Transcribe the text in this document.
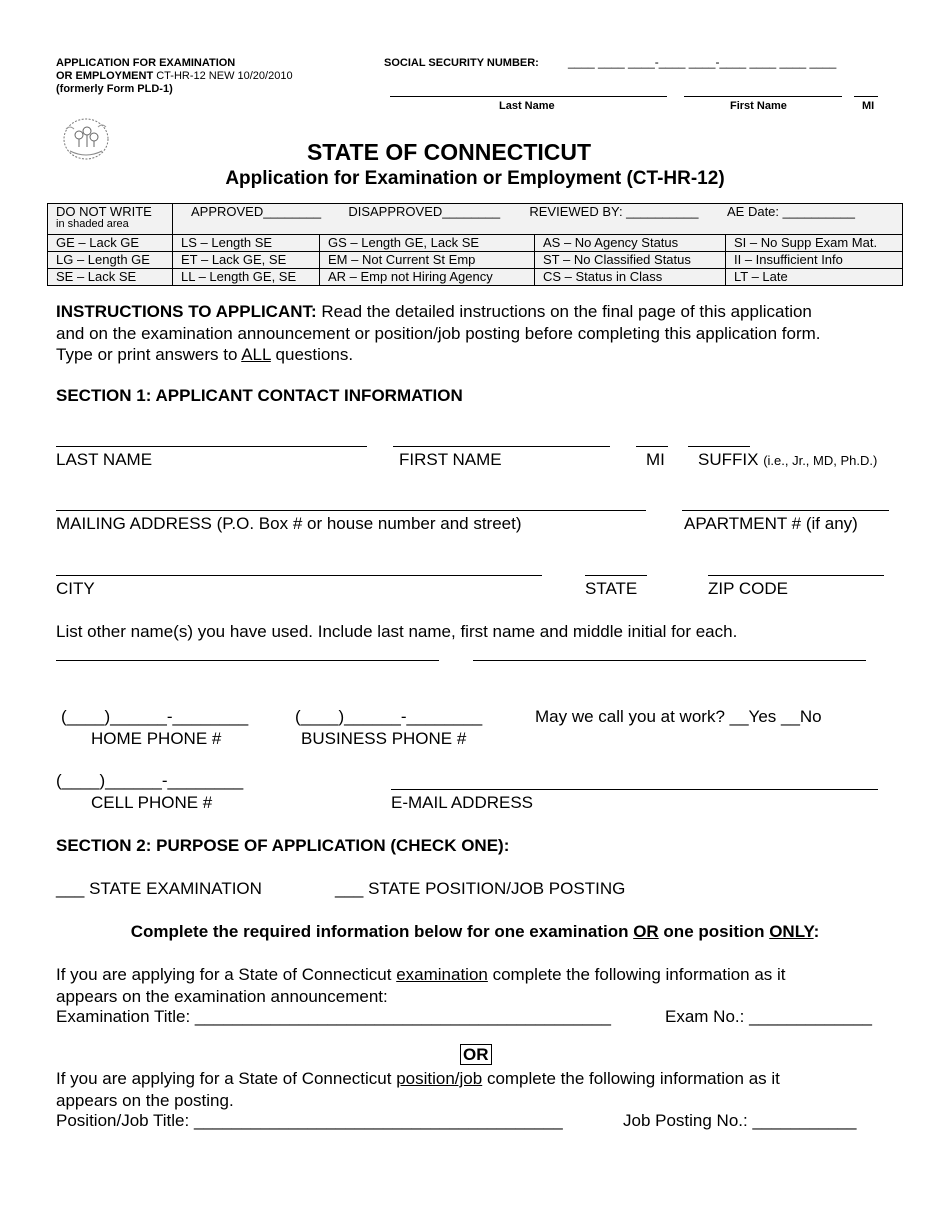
APPLICATION FOR EXAMINATION
OR EMPLOYMENT CT-HR-12 NEW 10/20/2010
(formerly Form PLD-1)
SOCIAL SECURITY NUMBER: ____ ____ ____-____ ____-____ ____ ____ ____
Last Name	First Name	MI
STATE OF CONNECTICUT
Application for Examination or Employment (CT-HR-12)
DO NOT WRITE
in shaded area	APPROVED________ DISAPPROVED________ REVIEWED BY: __________ AE Date: __________			
GE – Lack GE	LS – Length SE	GS – Length GE, Lack SE	AS – No Agency Status	SI – No Supp Exam Mat.
LG – Length GE	ET – Lack GE, SE	EM – Not Current St Emp	ST – No Classified Status	II – Insufficient Info
SE – Lack SE	LL – Length GE, SE	AR – Emp not Hiring Agency	CS – Status in Class	LT – Late
INSTRUCTIONS TO APPLICANT: Read the detailed instructions on the final page of this application
and on the examination announcement or position/job posting before completing this application form.
Type or print answers to ALL questions.
SECTION 1: APPLICANT CONTACT INFORMATION
LAST NAME	FIRST NAME	MI SUFFIX (i.e., Jr., MD, Ph.D.)
MAILING ADDRESS (P.O. Box # or house number and street)	APARTMENT # (if any)
CITY	STATE	ZIP CODE
List other name(s) you have used. Include last name, first name and middle initial for each.
(____)______-________	(____)______-________	May we call you at work? __Yes __No
HOME PHONE #	BUSINESS PHONE #
(____)______-________
CELL PHONE #	E-MAIL ADDRESS
SECTION 2: PURPOSE OF APPLICATION (CHECK ONE):
___ STATE EXAMINATION	___ STATE POSITION/JOB POSTING
Complete the required information below for one examination OR one position ONLY:
If you are applying for a State of Connecticut examination complete the following information as it
appears on the examination announcement:
Examination Title: ____________________________________________	Exam No.: _____________
OR
If you are applying for a State of Connecticut position/job complete the following information as it
appears on the posting.
Position/Job Title: _______________________________________	Job Posting No.: ___________
